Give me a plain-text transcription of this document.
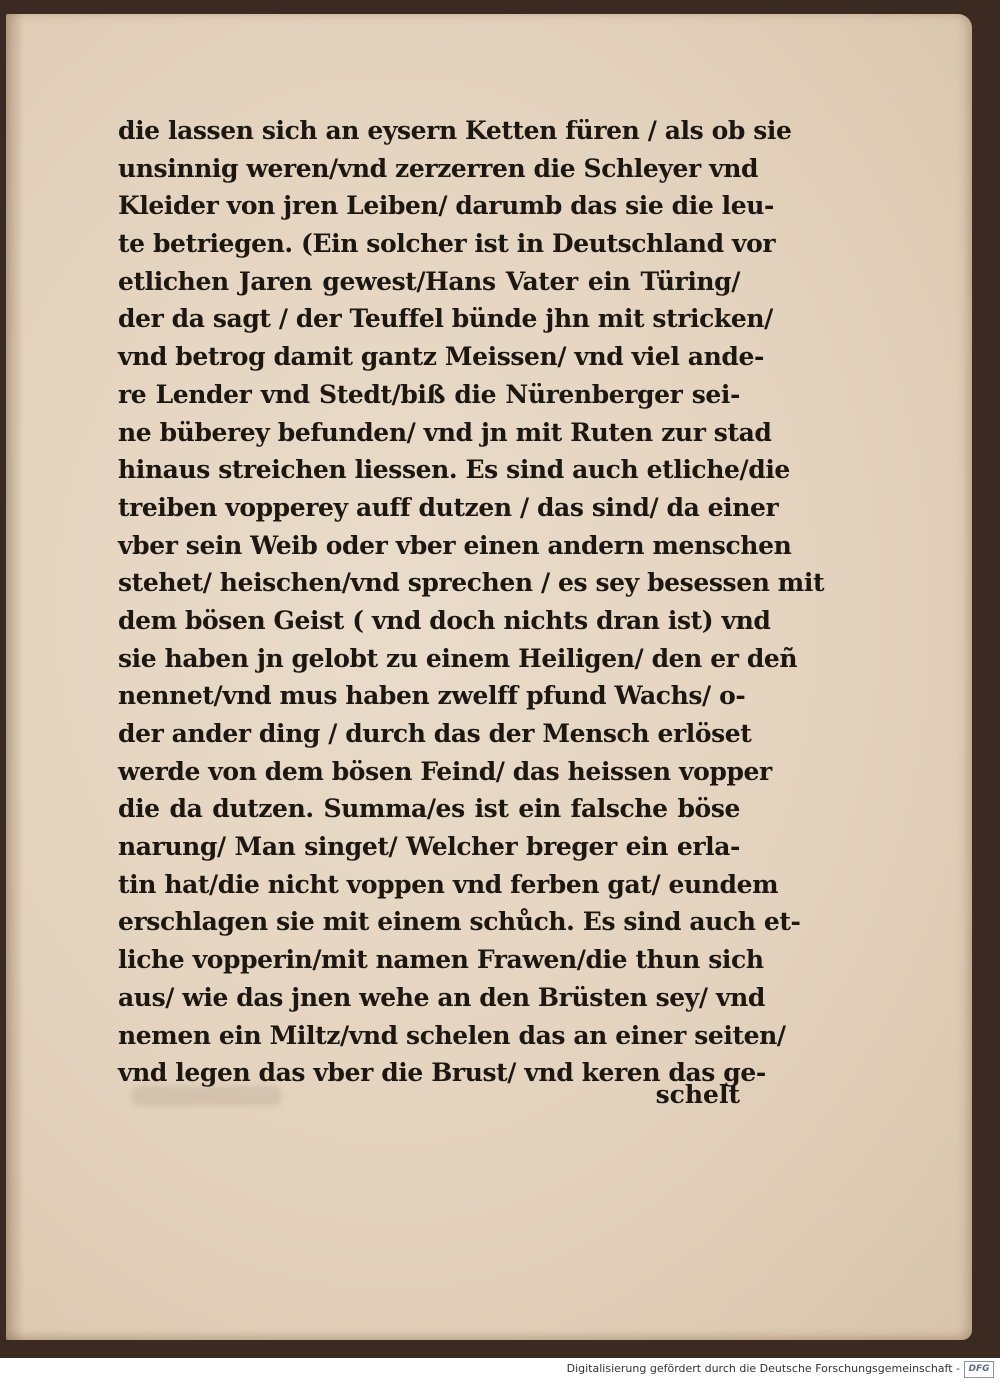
die lassen sich an eysern Ketten füren / als ob sie
unsinnig weren/vnd zerzerren die Schleyer vnd
Kleider von jren Leiben/ darumb das sie die leu-
te betriegen. (Ein solcher ist in Deutschland vor
etlichen Jaren gewest/Hans Vater ein Türing/
der da sagt / der Teuffel bünde jhn mit stricken/
vnd betrog damit gantz Meissen/ vnd viel ande-
re Lender vnd Stedt/biß die Nürenberger sei-
ne büberey befunden/ vnd jn mit Ruten zur stad
hinaus streichen liessen. Es sind auch etliche/die
treiben vopperey auff dutzen / das sind/ da einer
vber sein Weib oder vber einen andern menschen
stehet/ heischen/vnd sprechen / es sey besessen mit
dem bösen Geist ( vnd doch nichts dran ist) vnd
sie haben jn gelobt zu einem Heiligen/ den er deñ
nennet/vnd mus haben zwelff pfund Wachs/ o-
der ander ding / durch das der Mensch erlöset
werde von dem bösen Feind/ das heissen vopper
die da dutzen. Summa/es ist ein falsche böse
narung/ Man singet/ Welcher breger ein erla-
tin hat/die nicht voppen vnd ferben gat/ eundem
erschlagen sie mit einem schůch. Es sind auch et-
liche vopperin/mit namen Frawen/die thun sich
aus/ wie das jnen wehe an den Brüsten sey/ vnd
nemen ein Miltz/vnd schelen das an einer seiten/
vnd legen das vber die Brust/ vnd keren das ge-
schelt
Digitalisierung gefördert durch die Deutsche Forschungsgemeinschaft - DFG
